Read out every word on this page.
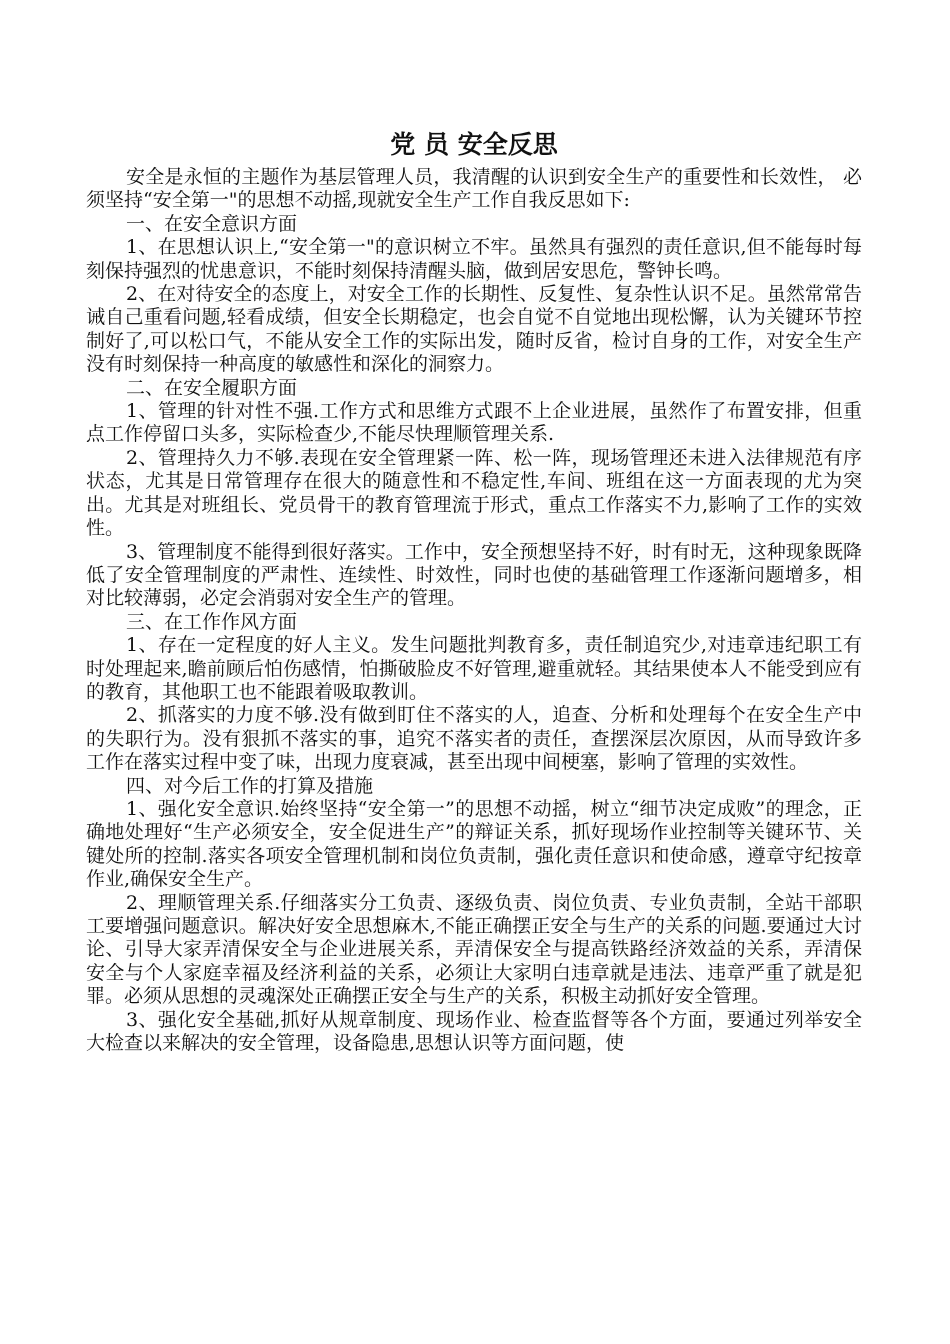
党 员 安全反思

安全是永恒的主题作为基层管理人员，我清醒的认识到安全生产的重要性和长效性， 必须坚持“安全第一"的思想不动摇,现就安全生产工作自我反思如下:

一、在安全意识方面

1、在思想认识上,“安全第一"的意识树立不牢。虽然具有强烈的责任意识,但不能每时每刻保持强烈的忧患意识，不能时刻保持清醒头脑，做到居安思危，警钟长鸣。

2、在对待安全的态度上，对安全工作的长期性、反复性、复杂性认识不足。虽然常常告诫自己重看问题,轻看成绩，但安全长期稳定，也会自觉不自觉地出现松懈，认为关键环节控制好了,可以松口气，不能从安全工作的实际出发，随时反省，检讨自身的工作，对安全生产没有时刻保持一种高度的敏感性和深化的洞察力。

二、在安全履职方面

1、管理的针对性不强.工作方式和思维方式跟不上企业进展，虽然作了布置安排，但重点工作停留口头多，实际检查少,不能尽快理顺管理关系.

2、管理持久力不够.表现在安全管理紧一阵、松一阵，现场管理还未进入法律规范有序状态，尤其是日常管理存在很大的随意性和不稳定性,车间、班组在这一方面表现的尤为突出。尤其是对班组长、党员骨干的教育管理流于形式，重点工作落实不力,影响了工作的实效性。

3、管理制度不能得到很好落实。工作中，安全预想坚持不好，时有时无，这种现象既降低了安全管理制度的严肃性、连续性、时效性，同时也使的基础管理工作逐渐问题增多，相对比较薄弱，必定会消弱对安全生产的管理。

三、在工作作风方面

1、存在一定程度的好人主义。发生问题批判教育多，责任制追究少,对违章违纪职工有时处理起来,瞻前顾后怕伤感情，怕撕破脸皮不好管理,避重就轻。其结果使本人不能受到应有的教育，其他职工也不能跟着吸取教训。

2、抓落实的力度不够.没有做到盯住不落实的人，追查、分析和处理每个在安全生产中的失职行为。没有狠抓不落实的事，追究不落实者的责任，查摆深层次原因，从而导致许多工作在落实过程中变了味，出现力度衰减，甚至出现中间梗塞，影响了管理的实效性。

四、对今后工作的打算及措施

1、强化安全意识.始终坚持“安全第一”的思想不动摇，树立“细节决定成败”的理念，正确地处理好“生产必须安全，安全促进生产”的辩证关系，抓好现场作业控制等关键环节、关键处所的控制.落实各项安全管理机制和岗位负责制，强化责任意识和使命感，遵章守纪按章作业,确保安全生产。

2、理顺管理关系.仔细落实分工负责、逐级负责、岗位负责、专业负责制，全站干部职工要增强问题意识。解决好安全思想麻木,不能正确摆正安全与生产的关系的问题.要通过大讨论、引导大家弄清保安全与企业进展关系，弄清保安全与提高铁路经济效益的关系，弄清保安全与个人家庭幸福及经济利益的关系，必须让大家明白违章就是违法、违章严重了就是犯罪。必须从思想的灵魂深处正确摆正安全与生产的关系，积极主动抓好安全管理。

3、强化安全基础,抓好从规章制度、现场作业、检查监督等各个方面，要通过列举安全大检查以来解决的安全管理，设备隐患,思想认识等方面问题，使
